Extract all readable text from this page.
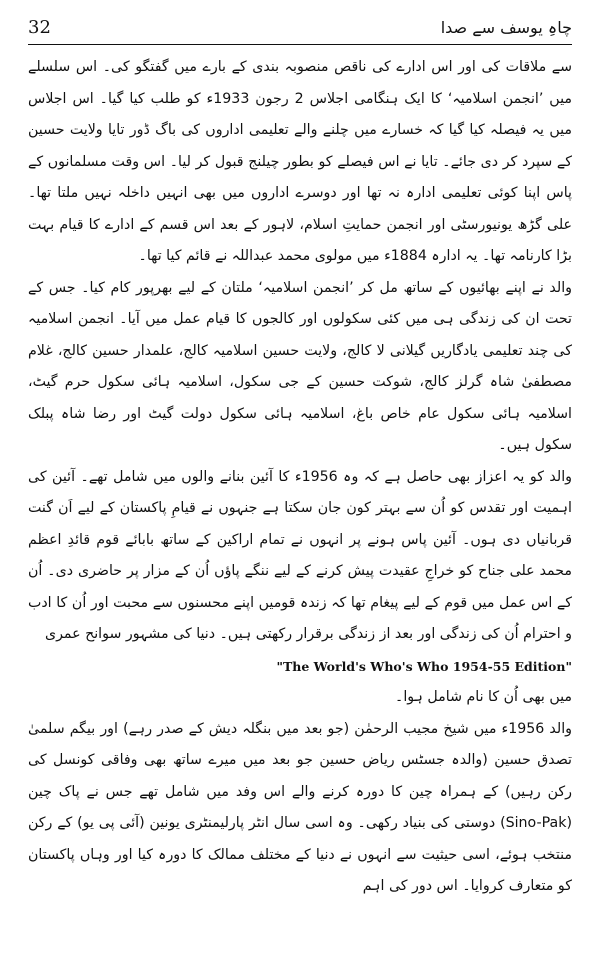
32	چاہِ یوسف سے صدا

سے ملاقات کی اور اس ادارے کی ناقص منصوبہ بندی کے بارے میں گفتگو کی۔ اس سلسلے میں ’انجمن اسلامیہ‘ کا ایک ہنگامی اجلاس 2 رجون 1933ء کو طلب کیا گیا۔ اس اجلاس میں یہ فیصلہ کیا گیا کہ خسارے میں چلنے والے تعلیمی اداروں کی باگ ڈور تایا ولایت حسین کے سپرد کر دی جائے۔ تایا نے اس فیصلے کو بطور چیلنج قبول کر لیا۔ اس وقت مسلمانوں کے پاس اپنا کوئی تعلیمی ادارہ نہ تھا اور دوسرے اداروں میں بھی انہیں داخلہ نہیں ملتا تھا۔ علی گڑھ یونیورسٹی اور انجمن حمایتِ اسلام، لاہور کے بعد اس قسم کے ادارے کا قیام بہت بڑا کارنامہ تھا۔ یہ ادارہ 1884ء میں مولوی محمد عبداللہ نے قائم کیا تھا۔

والد نے اپنے بھائیوں کے ساتھ مل کر ’انجمن اسلامیہ‘ ملتان کے لیے بھرپور کام کیا۔ جس کے تحت ان کی زندگی ہی میں کئی سکولوں اور کالجوں کا قیام عمل میں آیا۔ انجمن اسلامیہ کی چند تعلیمی یادگاریں گیلانی لا کالج، ولایت حسین اسلامیہ کالج، علمدار حسین کالج، غلام مصطفیٰ شاہ گرلز کالج، شوکت حسین کے جی سکول، اسلامیہ ہائی سکول حرم گیٹ، اسلامیہ ہائی سکول عام خاص باغ، اسلامیہ ہائی سکول دولت گیٹ اور رضا شاہ پبلک سکول ہیں۔

والد کو یہ اعزاز بھی حاصل ہے کہ وہ 1956ء کا آئین بنانے والوں میں شامل تھے۔ آئین کی اہمیت اور تقدس کو اُن سے بہتر کون جان سکتا ہے جنہوں نے قیامِ پاکستان کے لیے اَن گنت قربانیاں دی ہوں۔ آئین پاس ہونے پر انہوں نے تمام اراکین کے ساتھ بابائے قوم قائدِ اعظم محمد علی جناح کو خراجِ عقیدت پیش کرنے کے لیے ننگے پاؤں اُن کے مزار پر حاضری دی۔ اُن کے اس عمل میں قوم کے لیے پیغام تھا کہ زندہ قومیں اپنے محسنوں سے محبت اور اُن کا ادب و احترام اُن کی زندگی اور بعد از زندگی برقرار رکھتی ہیں۔ دنیا کی مشہور سوانح عمری

"The World's Who's Who 1954-55 Edition"
میں بھی اُن کا نام شامل ہوا۔

والد 1956ء میں شیخ مجیب الرحمٰن (جو بعد میں بنگلہ دیش کے صدر رہے) اور بیگم سلمیٰ تصدق حسین (والدہ جسٹس ریاض حسین جو بعد میں میرے ساتھ بھی وفاقی کونسل کی رکن رہیں) کے ہمراہ چین کا دورہ کرنے والے اس وفد میں شامل تھے جس نے پاک چین (Sino-Pak) دوستی کی بنیاد رکھی۔ وہ اسی سال انٹر پارلیمنٹری یونین (آئی پی یو) کے رکن منتخب ہوئے، اسی حیثیت سے انہوں نے دنیا کے مختلف ممالک کا دورہ کیا اور وہاں پاکستان کو متعارف کروایا۔ اس دور کی اہم
